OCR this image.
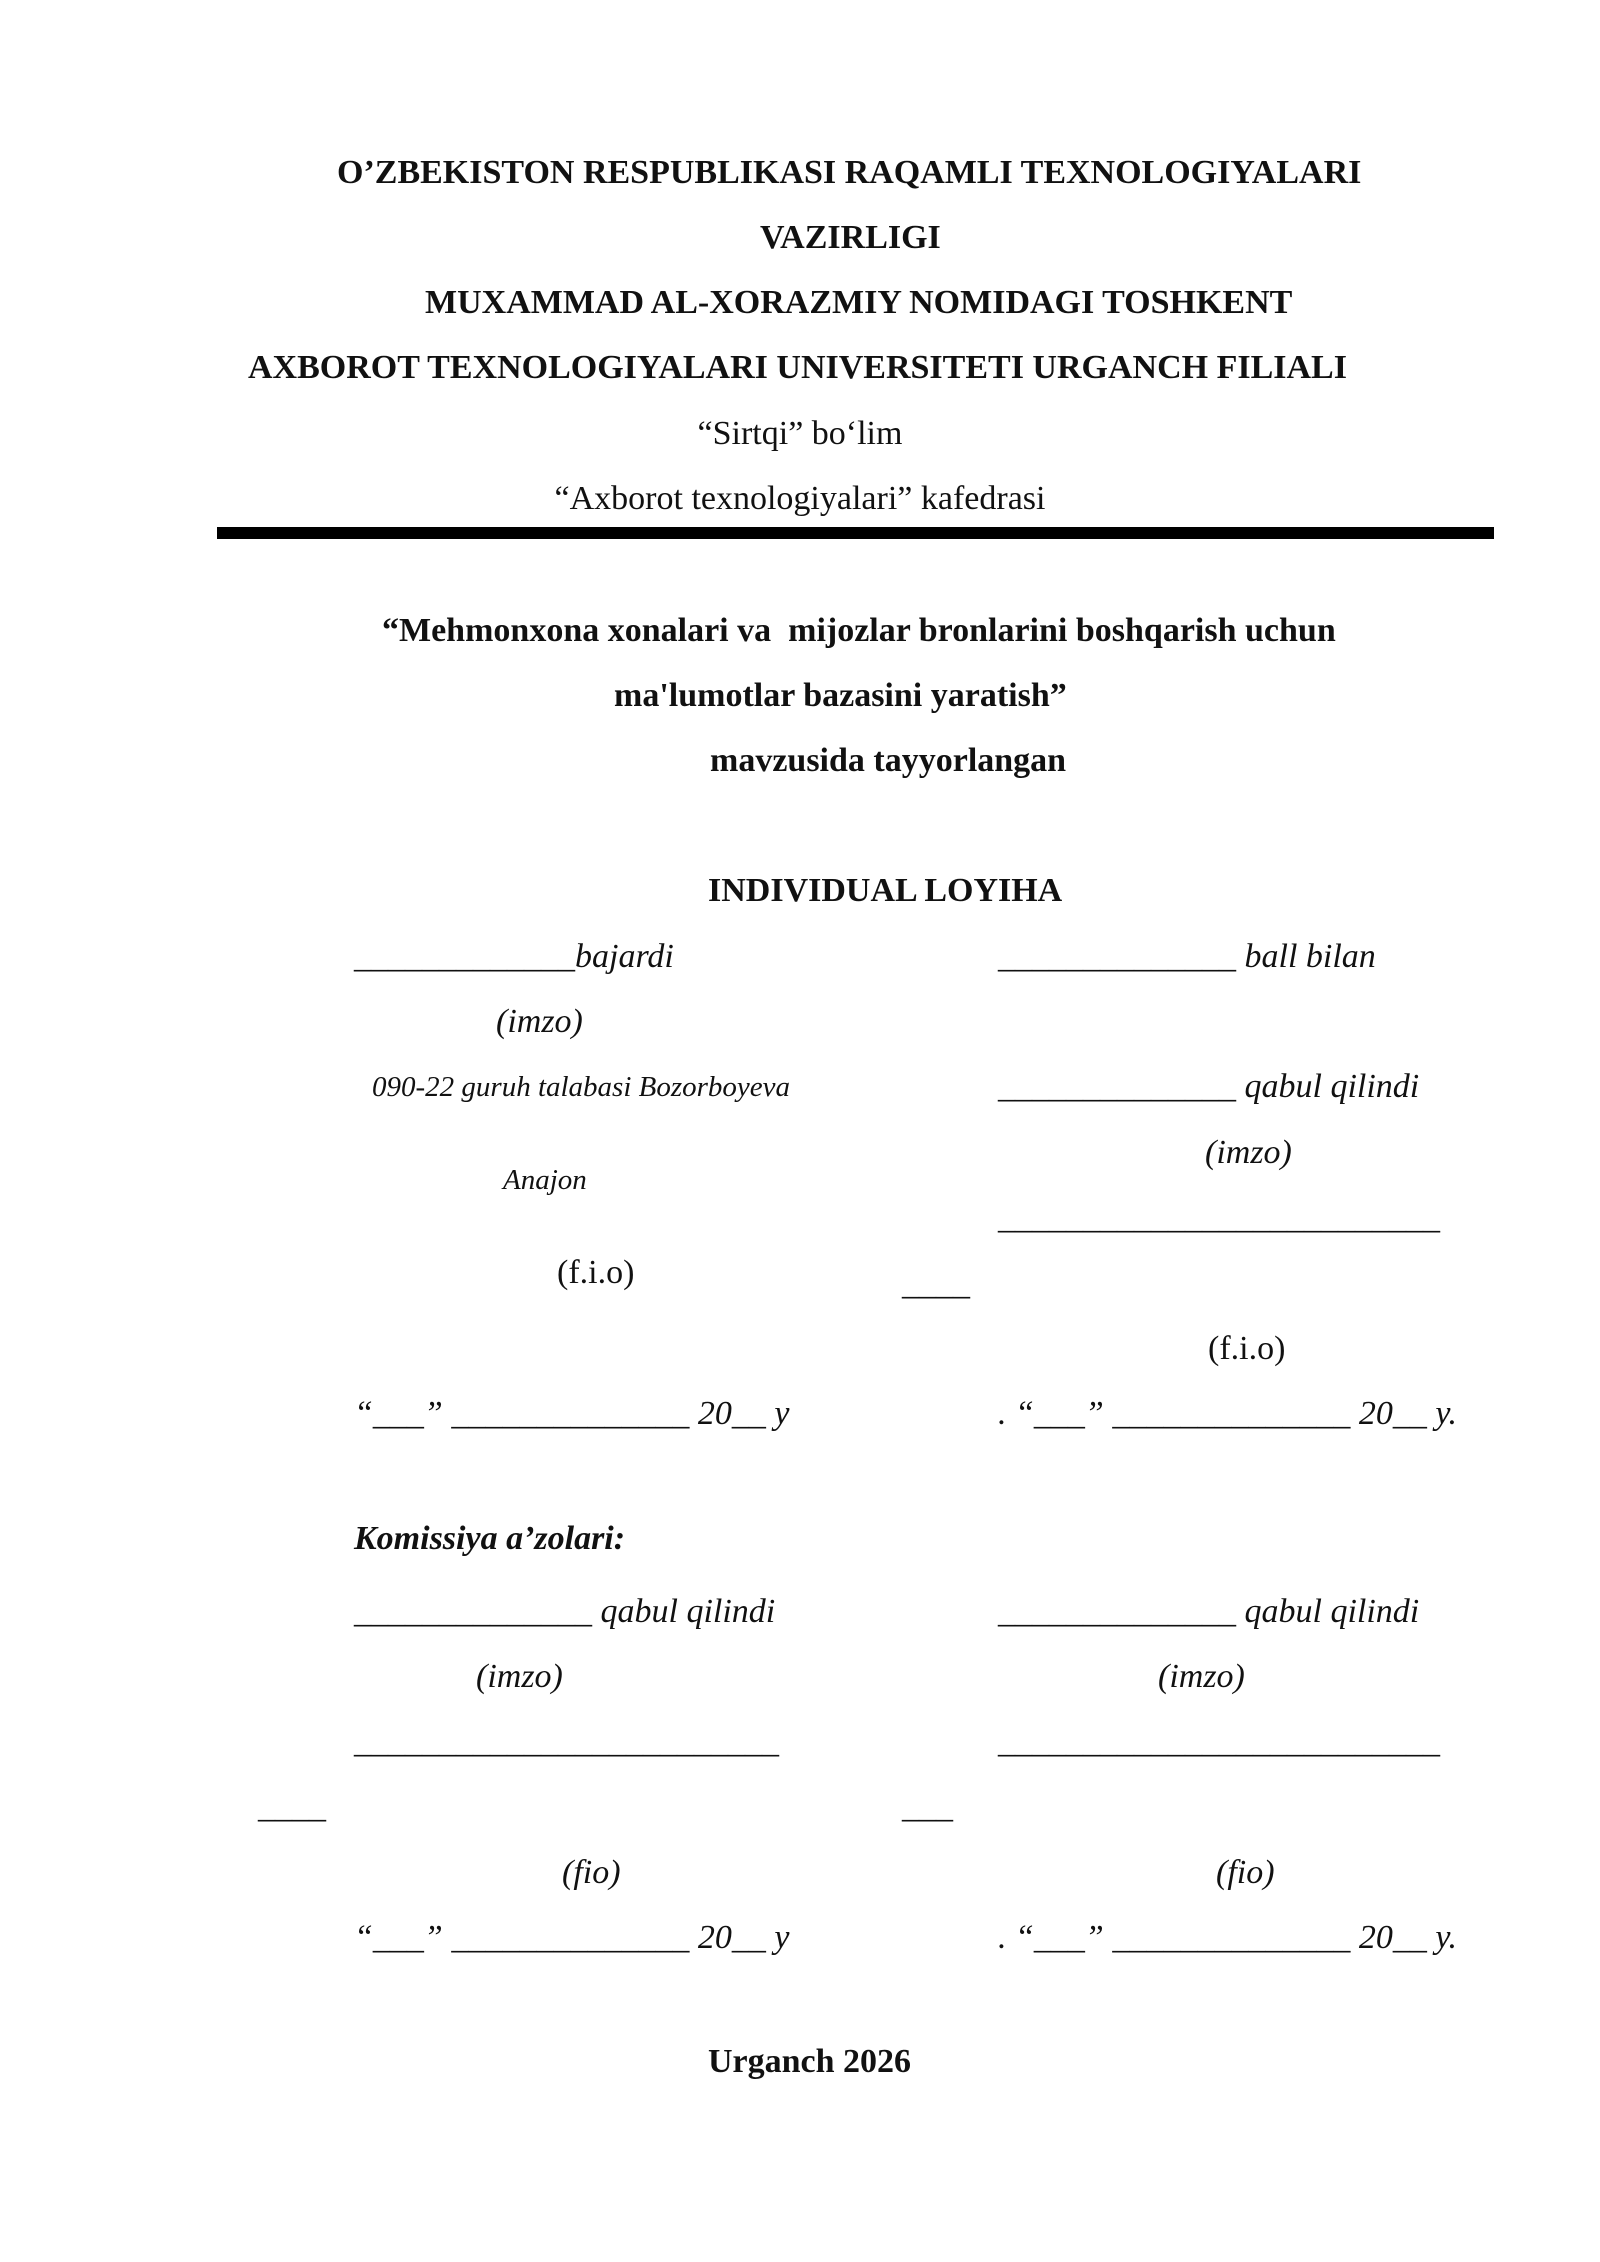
O’ZBEKISTON RESPUBLIKASI RAQAMLI TEXNOLOGIYALARI
VAZIRLIGI
MUXAMMAD AL-XORAZMIY NOMIDAGI TOSHKENT
AXBOROT TEXNOLOGIYALARI UNIVERSITETI URGANCH FILIALI
“Sirtqi” bo‘lim
“Axborot texnologiyalari” kafedrasi
“Mehmonxona xonalari va  mijozlar bronlarini boshqarish uchun
ma'lumotlar bazasini yaratish”
mavzusida tayyorlangan
INDIVIDUAL LOYIHA
_____________bajardi
(imzo)
090-22 guruh talabasi Bozorboyeva
Anajon
(f.i.o)
“___” ______________ 20__ y
______________ ball bilan
______________ qabul qilindi
(imzo)
__________________________
____
(f.i.o)
. “___” ______________ 20__ y.
Komissiya a’zolari:
______________ qabul qilindi
(imzo)
_________________________
____
(fio)
“___” ______________ 20__ y
______________ qabul qilindi
(imzo)
__________________________
___
(fio)
. “___” ______________ 20__ y.
Urganch 2026
